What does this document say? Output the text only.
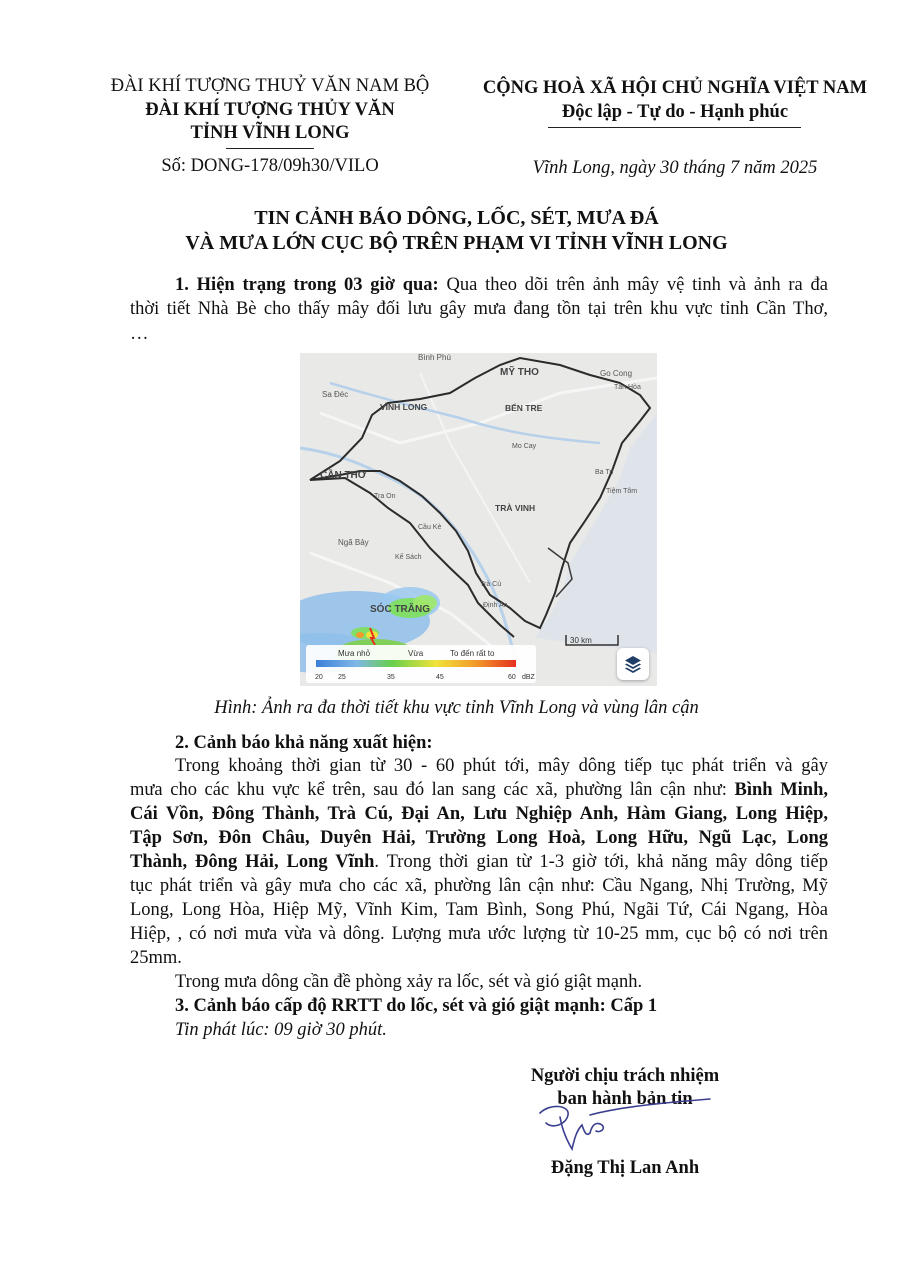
ĐÀI KHÍ TƯỢNG THUỶ VĂN NAM BỘ
ĐÀI KHÍ TƯỢNG THỦY VĂN
TỈNH VĨNH LONG
Số: DONG-178/09h30/VILO
CỘNG HOÀ XÃ HỘI CHỦ NGHĨA VIỆT NAM
Độc lập - Tự do - Hạnh phúc
Vĩnh Long, ngày 30 tháng 7 năm 2025
TIN CẢNH BÁO DÔNG, LỐC, SÉT, MƯA ĐÁ
VÀ MƯA LỚN CỤC BỘ TRÊN PHẠM VI TỈNH VĨNH LONG
1. Hiện trạng trong 03 giờ qua: Qua theo dõi trên ảnh mây vệ tinh và ảnh ra đa
thời tiết Nhà Bè cho thấy mây đối lưu gây mưa đang tồn tại trên khu vực tỉnh Cần Thơ,
…
Bình Phú
MỸ THO	Go Cong
Tân Hòa
Sa Đéc
VĨNH LONG	BẾN TRE
Mo Cay
Ba Tri
Tiệm Tôm
CẦN THƠ
Tra On
TRÀ VINH
Cầu Kè
Ngã Bảy
Kế Sách
Trà Cú
SÓC TRĂNG	Định An
30 km
Mưa nhỏ	Vừa	To đến rất to
20 25	35	45	60 dBZ
Hình: Ảnh ra đa thời tiết khu vực tỉnh Vĩnh Long và vùng lân cận
2. Cảnh báo khả năng xuất hiện:
Trong khoảng thời gian từ 30 - 60 phút tới, mây dông tiếp tục phát triển và gây
mưa cho các khu vực kể trên, sau đó lan sang các xã, phường lân cận như: Bình Minh,
Cái Vồn, Đông Thành, Trà Cú, Đại An, Lưu Nghiệp Anh, Hàm Giang, Long Hiệp,
Tập Sơn, Đôn Châu, Duyên Hải, Trường Long Hoà, Long Hữu, Ngũ Lạc, Long
Thành, Đông Hải, Long Vĩnh. Trong thời gian từ 1-3 giờ tới, khả năng mây dông tiếp
tục phát triển và gây mưa cho các xã, phường lân cận như: Cầu Ngang, Nhị Trường, Mỹ
Long, Long Hòa, Hiệp Mỹ, Vĩnh Kim, Tam Bình, Song Phú, Ngãi Tứ, Cái Ngang, Hòa
Hiệp, , có nơi mưa vừa và dông. Lượng mưa ước lượng từ 10-25 mm, cục bộ có nơi trên
25mm.
Trong mưa dông cần đề phòng xảy ra lốc, sét và gió giật mạnh.
3. Cảnh báo cấp độ RRTT do lốc, sét và gió giật mạnh: Cấp 1
Tin phát lúc: 09 giờ 30 phút.
Người chịu trách nhiệm
ban hành bản tin
Đặng Thị Lan Anh
